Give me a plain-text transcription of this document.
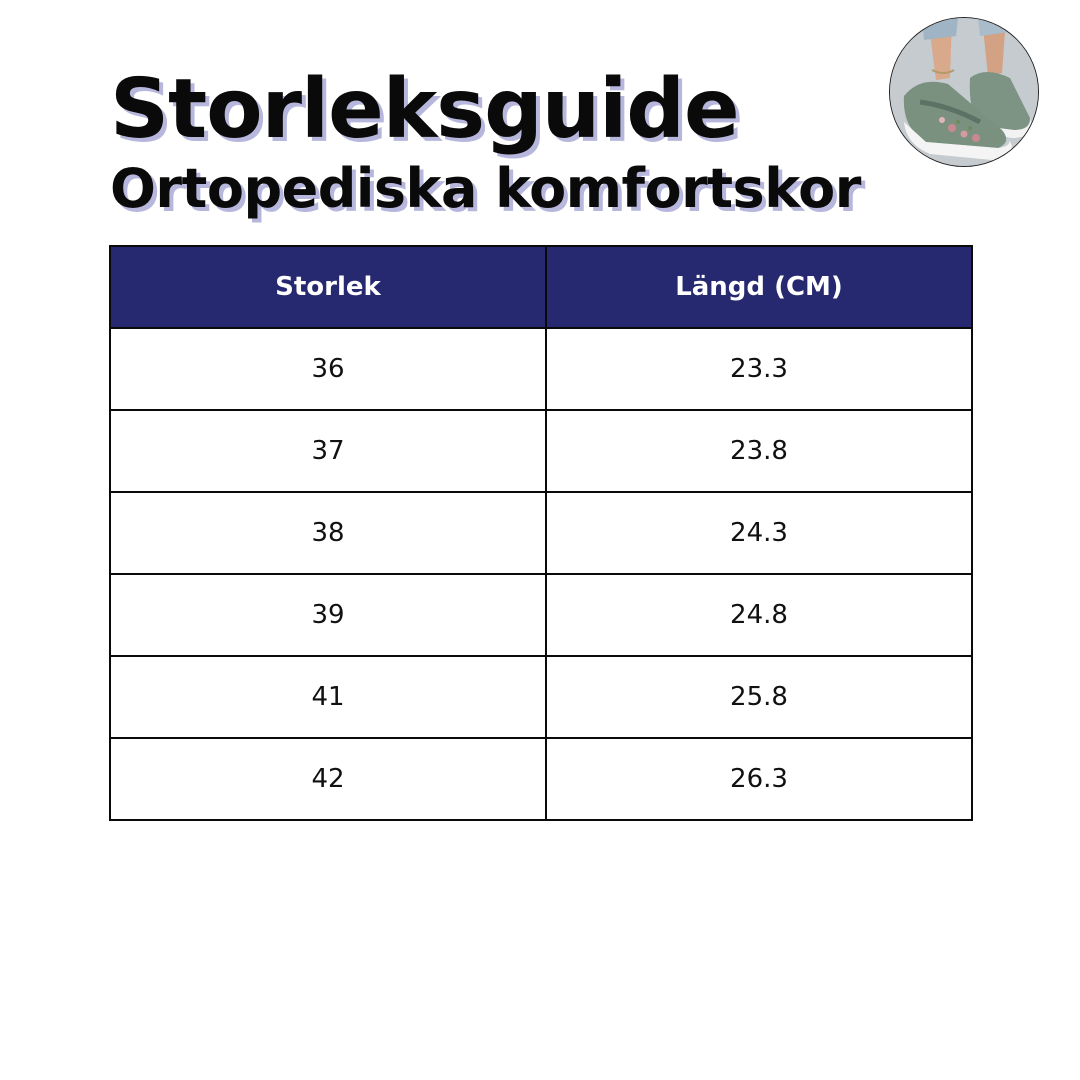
Storleksguide
Ortopediska komfortskor
Storlek	Längd (CM)
36	23.3
37	23.8
38	24.3
39	24.8
41	25.8
42	26.3
